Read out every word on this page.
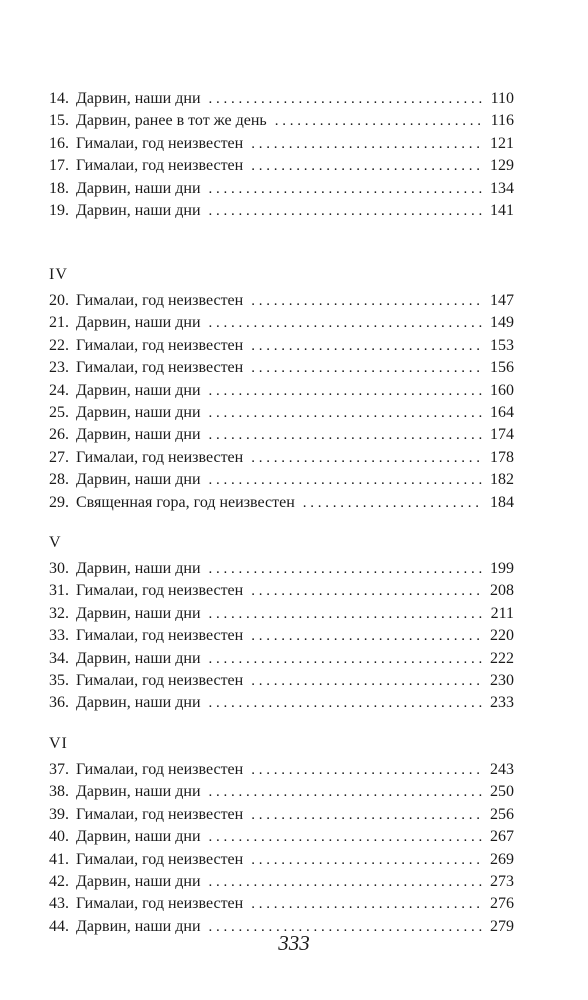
14. Дарвин, наши дни . . .	110
15. Дарвин, ранее в тот же день . . .	116
16. Гималаи, год неизвестен . . .	121
17. Гималаи, год неизвестен . . .	129
18. Дарвин, наши дни . . .	134
19. Дарвин, наши дни . . .	141
IV
20. Гималаи, год неизвестен . . .	147
21. Дарвин, наши дни . . .	149
22. Гималаи, год неизвестен . . .	153
23. Гималаи, год неизвестен . . .	156
24. Дарвин, наши дни . . .	160
25. Дарвин, наши дни . . .	164
26. Дарвин, наши дни . . .	174
27. Гималаи, год неизвестен . . .	178
28. Дарвин, наши дни . . .	182
29. Священная гора, год неизвестен . . .	184
V
30. Дарвин, наши дни . . .	199
31. Гималаи, год неизвестен . . .	208
32. Дарвин, наши дни . . .	211
33. Гималаи, год неизвестен . . .	220
34. Дарвин, наши дни . . .	222
35. Гималаи, год неизвестен . . .	230
36. Дарвин, наши дни . . .	233
VI
37. Гималаи, год неизвестен . . .	243
38. Дарвин, наши дни . . .	250
39. Гималаи, год неизвестен . . .	256
40. Дарвин, наши дни . . .	267
41. Гималаи, год неизвестен . . .	269
42. Дарвин, наши дни . . .	273
43. Гималаи, год неизвестен . . .	276
44. Дарвин, наши дни . . .	279
333
